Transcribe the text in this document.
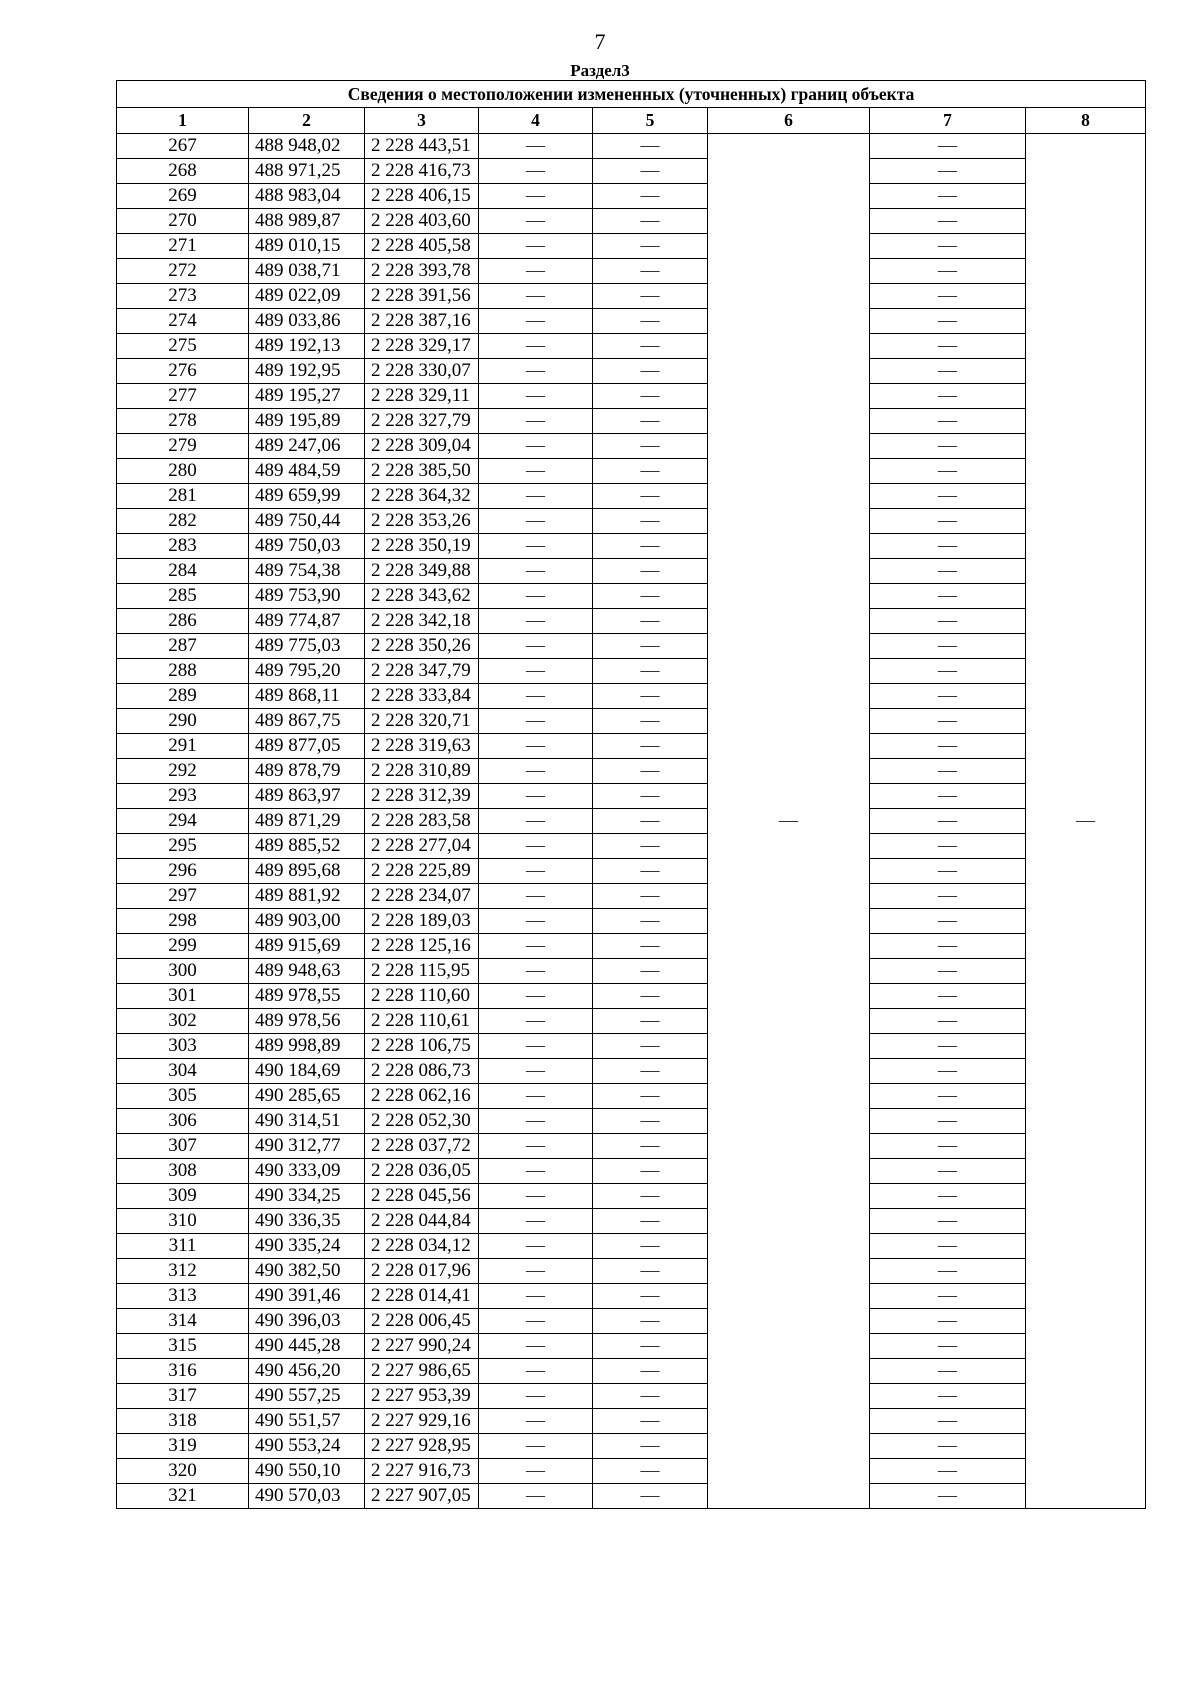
7
Раздел3
Сведения о местоположении измененных (уточненных) границ объекта							
1	2	3	4	5	6	7	8
267	488 948,02	2 228 443,51	—	—	—	—	—
268	488 971,25	2 228 416,73	—	—		—	
269	488 983,04	2 228 406,15	—	—		—	
270	488 989,87	2 228 403,60	—	—		—	
271	489 010,15	2 228 405,58	—	—		—	
272	489 038,71	2 228 393,78	—	—		—	
273	489 022,09	2 228 391,56	—	—		—	
274	489 033,86	2 228 387,16	—	—		—	
275	489 192,13	2 228 329,17	—	—		—	
276	489 192,95	2 228 330,07	—	—		—	
277	489 195,27	2 228 329,11	—	—		—	
278	489 195,89	2 228 327,79	—	—		—	
279	489 247,06	2 228 309,04	—	—		—	
280	489 484,59	2 228 385,50	—	—		—	
281	489 659,99	2 228 364,32	—	—		—	
282	489 750,44	2 228 353,26	—	—		—	
283	489 750,03	2 228 350,19	—	—		—	
284	489 754,38	2 228 349,88	—	—		—	
285	489 753,90	2 228 343,62	—	—		—	
286	489 774,87	2 228 342,18	—	—		—	
287	489 775,03	2 228 350,26	—	—		—	
288	489 795,20	2 228 347,79	—	—		—	
289	489 868,11	2 228 333,84	—	—		—	
290	489 867,75	2 228 320,71	—	—		—	
291	489 877,05	2 228 319,63	—	—		—	
292	489 878,79	2 228 310,89	—	—		—	
293	489 863,97	2 228 312,39	—	—		—	
294	489 871,29	2 228 283,58	—	—		—	
295	489 885,52	2 228 277,04	—	—		—	
296	489 895,68	2 228 225,89	—	—		—	
297	489 881,92	2 228 234,07	—	—		—	
298	489 903,00	2 228 189,03	—	—		—	
299	489 915,69	2 228 125,16	—	—		—	
300	489 948,63	2 228 115,95	—	—		—	
301	489 978,55	2 228 110,60	—	—		—	
302	489 978,56	2 228 110,61	—	—		—	
303	489 998,89	2 228 106,75	—	—		—	
304	490 184,69	2 228 086,73	—	—		—	
305	490 285,65	2 228 062,16	—	—		—	
306	490 314,51	2 228 052,30	—	—		—	
307	490 312,77	2 228 037,72	—	—		—	
308	490 333,09	2 228 036,05	—	—		—	
309	490 334,25	2 228 045,56	—	—		—	
310	490 336,35	2 228 044,84	—	—		—	
311	490 335,24	2 228 034,12	—	—		—	
312	490 382,50	2 228 017,96	—	—		—	
313	490 391,46	2 228 014,41	—	—		—	
314	490 396,03	2 228 006,45	—	—		—	
315	490 445,28	2 227 990,24	—	—		—	
316	490 456,20	2 227 986,65	—	—		—	
317	490 557,25	2 227 953,39	—	—		—	
318	490 551,57	2 227 929,16	—	—		—	
319	490 553,24	2 227 928,95	—	—		—	
320	490 550,10	2 227 916,73	—	—		—	
321	490 570,03	2 227 907,05	—	—		—	
